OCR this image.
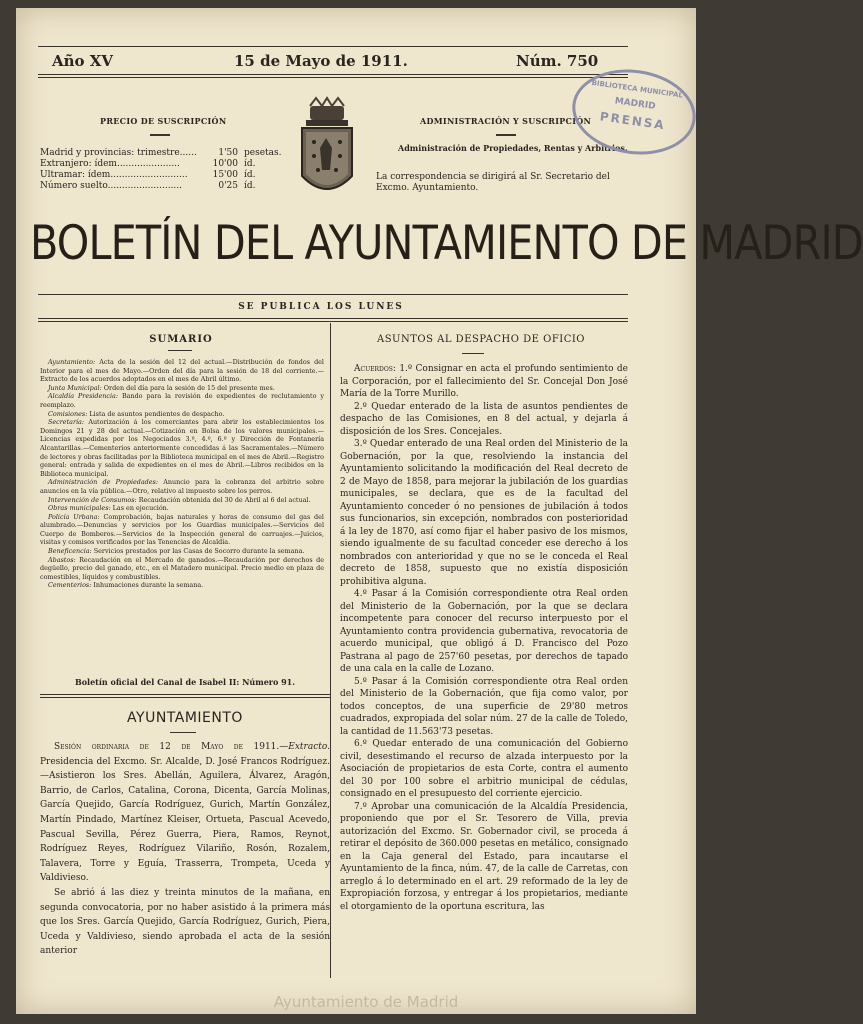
Año XV	15 de Mayo de 1911.	Núm. 750
PRECIO DE SUSCRIPCIÓN
Madrid y provincias: trimestre...... 1'50 pesetas.
Extranjero: ídem......................	10'00 íd.
Ultramar: ídem...........................	15'00 íd.
Número suelto..........................	0'25 íd.
ADMINISTRACIÓN Y SUSCRIPCIÓN
Administración de Propiedades, Rentas y Arbitrios.
La correspondencia se dirigirá al Sr. Secretario del Excmo. Ayuntamiento.
BIBLIOTECA MUNICIPAL
MADRID
PRENSA
BOLETÍN DEL AYUNTAMIENTO DE MADRID
SE PUBLICA LOS LUNES
SUMARIO

Ayuntamiento: Acta de la sesión del 12 del actual.—Distribución de fondos del Interior para el mes de Mayo.—Orden del día para la sesión de 18 del corriente.—Extracto de los acuerdos adoptados en el mes de Abril último.

Junta Municipal: Orden del día para la sesión de 15 del presente mes.

Alcaldía Presidencia: Bando para la revisión de expedientes de reclutamiento y reemplazo.

Comisiones: Lista de asuntos pendientes de despacho.

Secretaría: Autorización á los comerciantes para abrir los establecimientos los Domingos 21 y 28 del actual.—Cotización en Bolsa de los valores municipales.—Licencias expedidas por los Negociados 3.º, 4.º, 6.º y Dirección de Fontanería Alcantarillas.—Cementerios anteriormente concedidas á las Sacramentales.—Número de lectores y obras facilitadas por la Biblioteca municipal en el mes de Abril.—Registro general: entrada y salida de expedientes en el mes de Abril.—Libros recibidos en la Biblioteca municipal.

Administración de Propiedades: Anuncio para la cobranza del arbitrio sobre anuncios en la vía pública.—Otro, relativo al impuesto sobre los perros.

Intervención de Consumos: Recaudación obtenida del 30 de Abril al 6 del actual.

Obras municipales: Las en ejecución.

Policía Urbana: Comprobación, bajas naturales y horas de consumo del gas del alumbrado.—Denuncias y servicios por los Guardias municipales.—Servicios del Cuerpo de Bomberos.—Servicios de la Inspección general de carruajes.—Juicios, visitas y comisos verificados por las Tenencias de Alcaldía.

Beneficencia: Servicios prestados por las Casas de Socorro durante la semana.

Abastos: Recaudación en el Mercado de ganados.—Recaudación por derechos de degüello, precio del ganado, etc., en el Matadero municipal. Precio medio en plaza de comestibles, líquidos y combustibles.

Cementerios: Inhumaciones durante la semana.

Boletín oficial del Canal de Isabel II: Número 91.
AYUNTAMIENTO

Sesión ordinaria de 12 de Mayo de 1911.—Extracto. Presidencia del Excmo. Sr. Alcalde, D. José Francos Rodríguez.—Asistieron los Sres. Abellán, Aguilera, Álvarez, Aragón, Barrio, de Carlos, Catalina, Corona, Dicenta, García Molinas, García Quejido, García Rodríguez, Gurich, Martín González, Martín Pindado, Martínez Kleiser, Ortueta, Pascual Acevedo, Pascual Sevilla, Pérez Guerra, Piera, Ramos, Reynot, Rodríguez Reyes, Rodríguez Vilariño, Rosón, Rozalem, Talavera, Torre y Eguía, Trasserra, Trompeta, Uceda y Valdivieso.

Se abrió á las diez y treinta minutos de la mañana, en segunda convocatoria, por no haber asistido á la primera más que los Sres. García Quejido, García Rodríguez, Gurich, Piera, Uceda y Valdivieso, siendo aprobada el acta de la sesión anterior

ASUNTOS AL DESPACHO DE OFICIO

Acuerdos: 1.º Consignar en acta el profundo sentimiento de la Corporación, por el fallecimiento del Sr. Concejal Don José María de la Torre Murillo.

2.º Quedar enterado de la lista de asuntos pendientes de despacho de las Comisiones, en 8 del actual, y dejarla á disposición de los Sres. Concejales.

3.º Quedar enterado de una Real orden del Ministerio de la Gobernación, por la que, resolviendo la instancia del Ayuntamiento solicitando la modificación del Real decreto de 2 de Mayo de 1858, para mejorar la jubilación de los guardias municipales, se declara, que es de la facultad del Ayuntamiento conceder ó no pensiones de jubilación á todos sus funcionarios, sin excepción, nombrados con posterioridad á la ley de 1870, así como fijar el haber pasivo de los mismos, siendo igualmente de su facultad conceder ese derecho á los nombrados con anterioridad y que no se le conceda el Real decreto de 1858, supuesto que no existía disposición prohibitiva alguna.

4.º Pasar á la Comisión correspondiente otra Real orden del Ministerio de la Gobernación, por la que se declara incompetente para conocer del recurso interpuesto por el Ayuntamiento contra providencia gubernativa, revocatoria de acuerdo municipal, que obligó á D. Francisco del Pozo Pastrana al pago de 257'60 pesetas, por derechos de tapado de una cala en la calle de Lozano.

5.º Pasar á la Comisión correspondiente otra Real orden del Ministerio de la Gobernación, que fija como valor, por todos conceptos, de una superficie de 29'80 metros cuadrados, expropiada del solar núm. 27 de la calle de Toledo, la cantidad de 11.563'73 pesetas.

6.º Quedar enterado de una comunicación del Gobierno civil, desestimando el recurso de alzada interpuesto por la Asociación de propietarios de esta Corte, contra el aumento del 30 por 100 sobre el arbitrio municipal de cédulas, consignado en el presupuesto del corriente ejercicio.

7.º Aprobar una comunicación de la Alcaldía Presidencia, proponiendo que por el Sr. Tesorero de Villa, previa autorización del Excmo. Sr. Gobernador civil, se proceda á retirar el depósito de 360.000 pesetas en metálico, consignado en la Caja general del Estado, para incautarse el Ayuntamiento de la finca, núm. 47, de la calle de Carretas, con arreglo á lo determinado en el art. 29 reformado de la ley de Expropiación forzosa, y entregar á los propietarios, mediante el otorgamiento de la oportuna escritura, las

Ayuntamiento de Madrid
